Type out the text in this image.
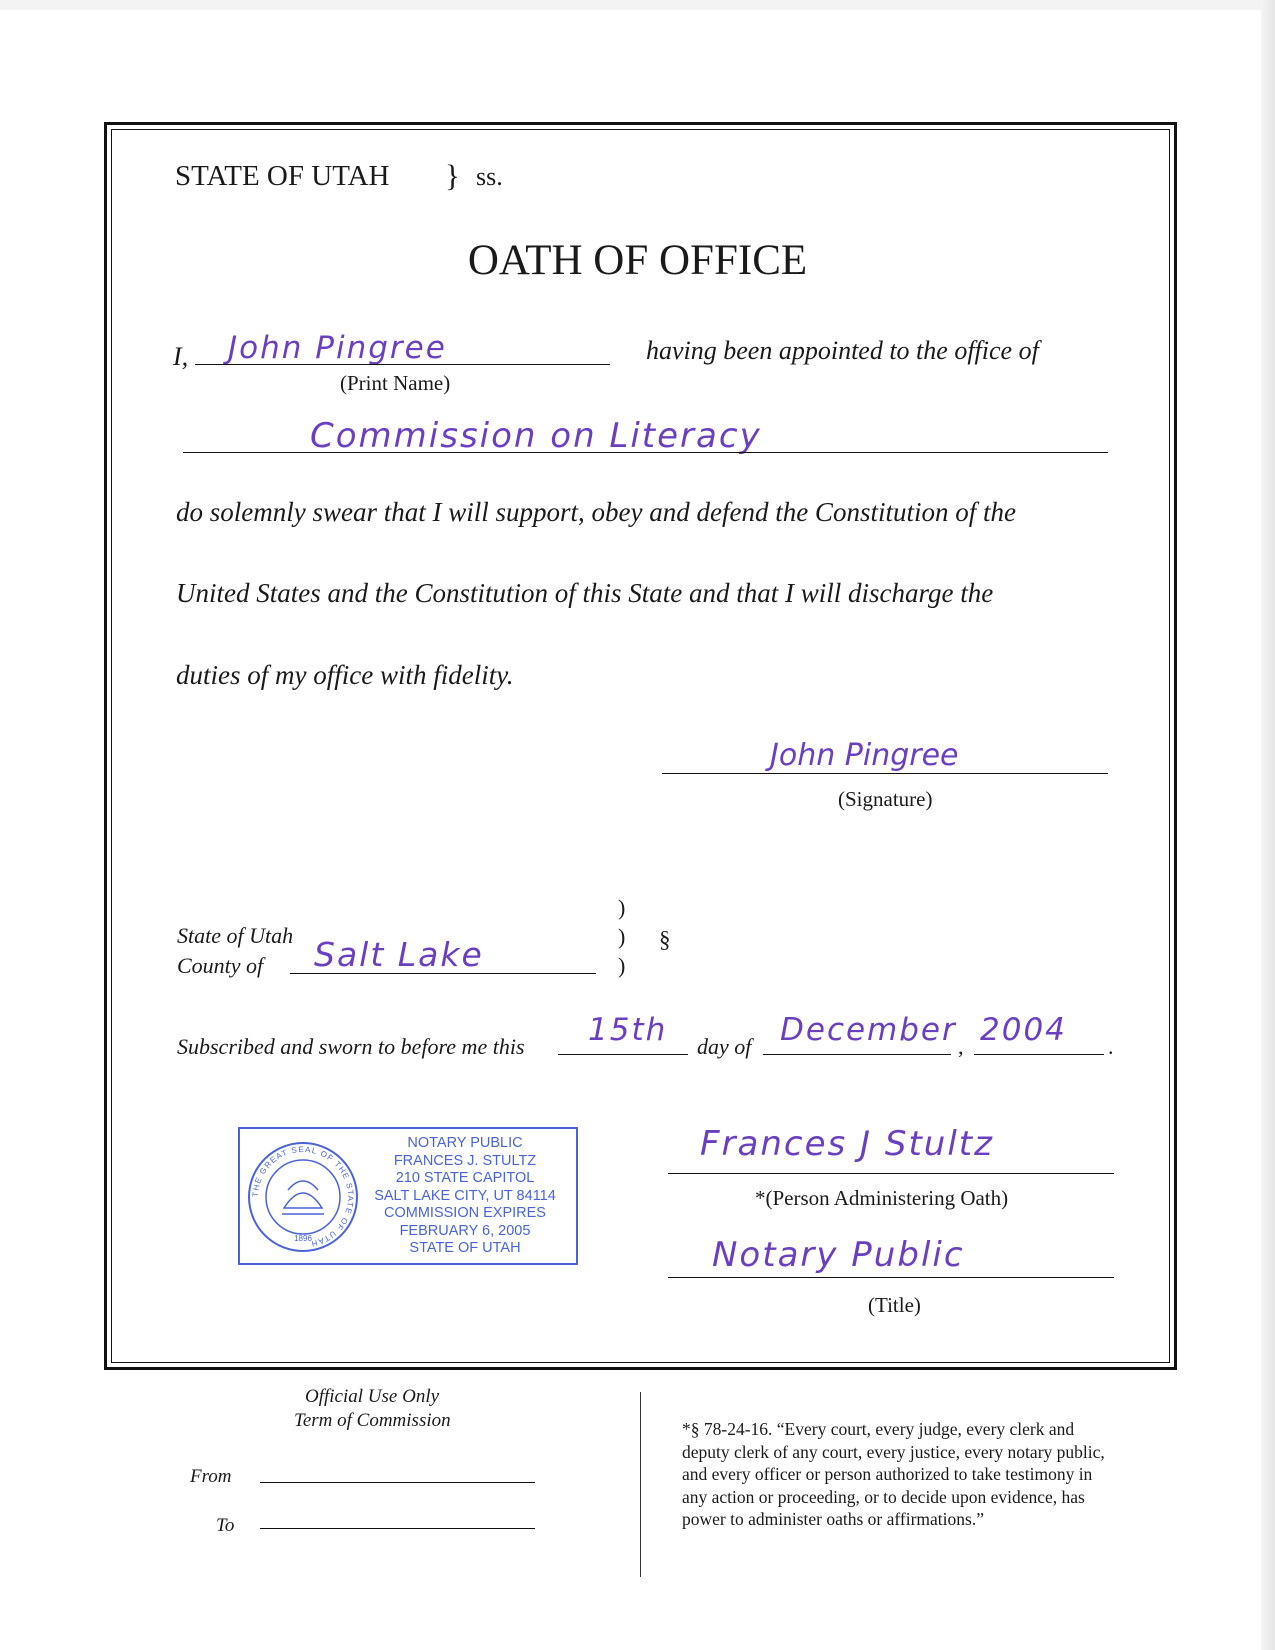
STATE OF UTAH } ss.
OATH OF OFFICE
I, John Pingree
(Print Name)
having been appointed to the office of
Commission on Literacy
do solemnly swear that I will support, obey and defend the Constitution of the
United States and the Constitution of this State and that I will discharge the
duties of my office with fidelity.
John Pingree
(Signature)
State of Utah
County of Salt Lake
)
)
)
§
Subscribed and sworn to before me this 15th day of December , 2004 .
THE GREAT SEAL OF THE STATE OF UTAH
1896
NOTARY PUBLIC
FRANCES J. STULTZ
210 STATE CAPITOL
SALT LAKE CITY, UT 84114
COMMISSION EXPIRES
FEBRUARY 6, 2005
STATE OF UTAH
Frances J Stultz
*(Person Administering Oath)
Notary Public
(Title)
Official Use Only
Term of Commission
From
To
*§ 78-24-16. “Every court, every judge, every clerk and
deputy clerk of any court, every justice, every notary public,
and every officer or person authorized to take testimony in
any action or proceeding, or to decide upon evidence, has
power to administer oaths or affirmations.”
